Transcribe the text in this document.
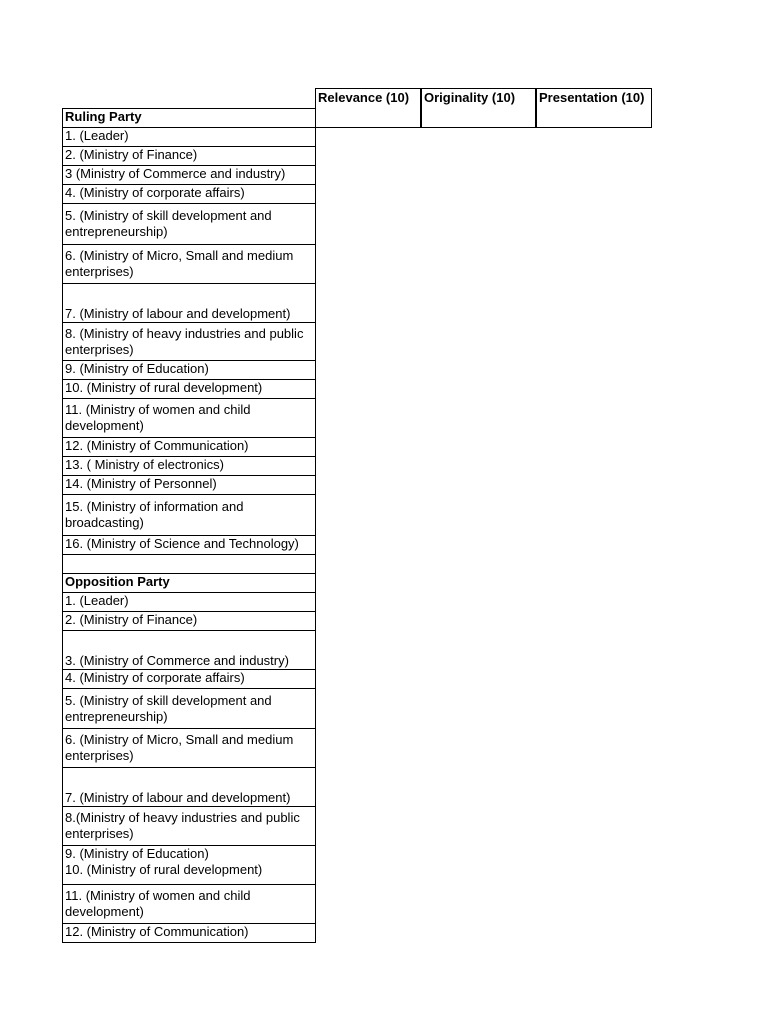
Relevance (10)	Originality (10)	Presentation (10)
Ruling Party
1. (Leader)
2. (Ministry of Finance)
3 (Ministry of Commerce and industry)
4. (Ministry of corporate affairs)
5. (Ministry of skill development and entrepreneurship)
6. (Ministry of Micro, Small and medium enterprises)
7. (Ministry of labour and development)
8. (Ministry of heavy industries and public enterprises)
9. (Ministry of Education)
10. (Ministry of rural development)
11. (Ministry of women and child development)
12. (Ministry of Communication)
13. ( Ministry of electronics)
14. (Ministry of Personnel)
15. (Ministry of information and broadcasting)
16. (Ministry of Science and Technology)
Opposition Party
1. (Leader)
2. (Ministry of Finance)
3. (Ministry of Commerce and industry)
4. (Ministry of corporate affairs)
5. (Ministry of skill development and entrepreneurship)
6. (Ministry of Micro, Small and medium enterprises)
7. (Ministry of labour and development)
8.(Ministry of heavy industries and public enterprises)
9. (Ministry of Education)
10. (Ministry of rural development)
11. (Ministry of women and child development)
12. (Ministry of Communication)
